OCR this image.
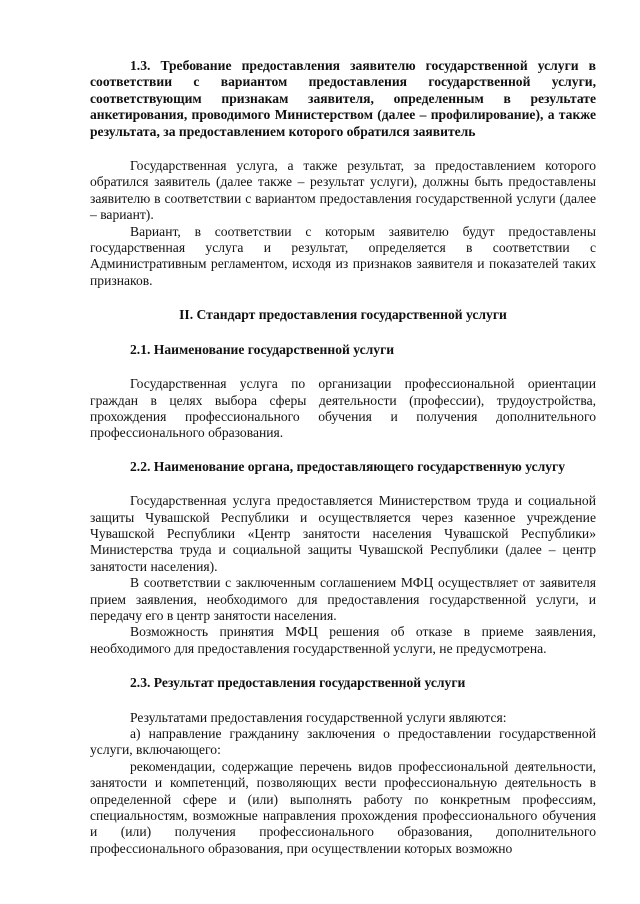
1.3. Требование предоставления заявителю государственной услуги в соответствии с вариантом предоставления государственной услуги, соответствующим признакам заявителя, определенным в результате анкетирования, проводимого Министерством (далее – профилирование), а также результата, за предоставлением которого обратился заявитель

Государственная услуга, а также результат, за предоставлением которого обратился заявитель (далее также – результат услуги), должны быть предоставлены заявителю в соответствии с вариантом предоставления государственной услуги (далее – вариант).

Вариант, в соответствии с которым заявителю будут предоставлены государственная услуга и результат, определяется в соответствии с Административным регламентом, исходя из признаков заявителя и показателей таких признаков.

II. Стандарт предоставления государственной услуги

2.1. Наименование государственной услуги

Государственная услуга по организации профессиональной ориентации граждан в целях выбора сферы деятельности (профессии), трудоустройства, прохождения профессионального обучения и получения дополнительного профессионального образования.

2.2. Наименование органа, предоставляющего государственную услугу

Государственная услуга предоставляется Министерством труда и социальной защиты Чувашской Республики и осуществляется через казенное учреждение Чувашской Республики «Центр занятости населения Чувашской Республики» Министерства труда и социальной защиты Чувашской Республики (далее – центр занятости населения).

В соответствии с заключенным соглашением МФЦ осуществляет от заявителя прием заявления, необходимого для предоставления государственной услуги, и передачу его в центр занятости населения.

Возможность принятия МФЦ решения об отказе в приеме заявления, необходимого для предоставления государственной услуги, не предусмотрена.

2.3. Результат предоставления государственной услуги

Результатами предоставления государственной услуги являются:

а) направление гражданину заключения о предоставлении государственной услуги, включающего:

рекомендации, содержащие перечень видов профессиональной деятельности, занятости и компетенций, позволяющих вести профессиональную деятельность в определенной сфере и (или) выполнять работу по конкретным профессиям, специальностям, возможные направления прохождения профессионального обучения и (или) получения профессионального образования, дополнительного профессионального образования, при осуществлении которых возможно
